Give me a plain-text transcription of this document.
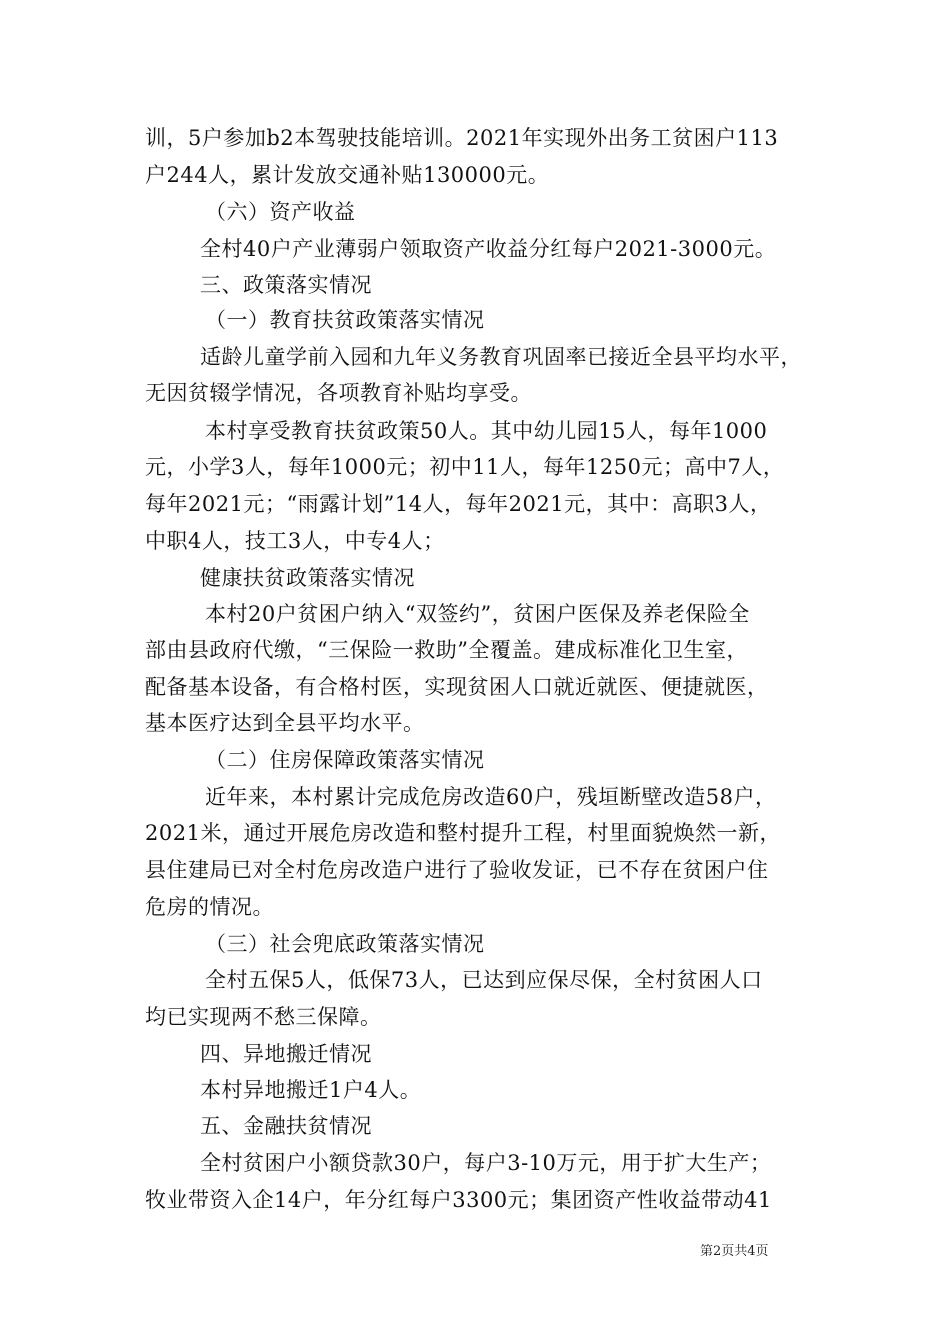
训，5户参加b2本驾驶技能培训。2021年实现外出务工贫困户113
户244人，累计发放交通补贴130000元。
（六）资产收益
全村40户产业薄弱户领取资产收益分红每户2021-3000元。
三、政策落实情况
（一）教育扶贫政策落实情况
适龄儿童学前入园和九年义务教育巩固率已接近全县平均水平，
无因贫辍学情况，各项教育补贴均享受。
本村享受教育扶贫政策50人。其中幼儿园15人，每年1000
元，小学3人，每年1000元；初中11人，每年1250元；高中7人，
每年2021元；“雨露计划”14人，每年2021元，其中：高职3人，
中职4人，技工3人，中专4人；
健康扶贫政策落实情况
本村20户贫困户纳入“双签约”，贫困户医保及养老保险全
部由县政府代缴，“三保险一救助”全覆盖。建成标准化卫生室，
配备基本设备，有合格村医，实现贫困人口就近就医、便捷就医，
基本医疗达到全县平均水平。
（二）住房保障政策落实情况
近年来，本村累计完成危房改造60户，残垣断壁改造58户，
2021米，通过开展危房改造和整村提升工程，村里面貌焕然一新，
县住建局已对全村危房改造户进行了验收发证，已不存在贫困户住
危房的情况。
（三）社会兜底政策落实情况
全村五保5人，低保73人，已达到应保尽保，全村贫困人口
均已实现两不愁三保障。
四、异地搬迁情况
本村异地搬迁1户4人。
五、金融扶贫情况
全村贫困户小额贷款30户，每户3-10万元，用于扩大生产；
牧业带资入企14户，年分红每户3300元；集团资产性收益带动41
第2页共4页
